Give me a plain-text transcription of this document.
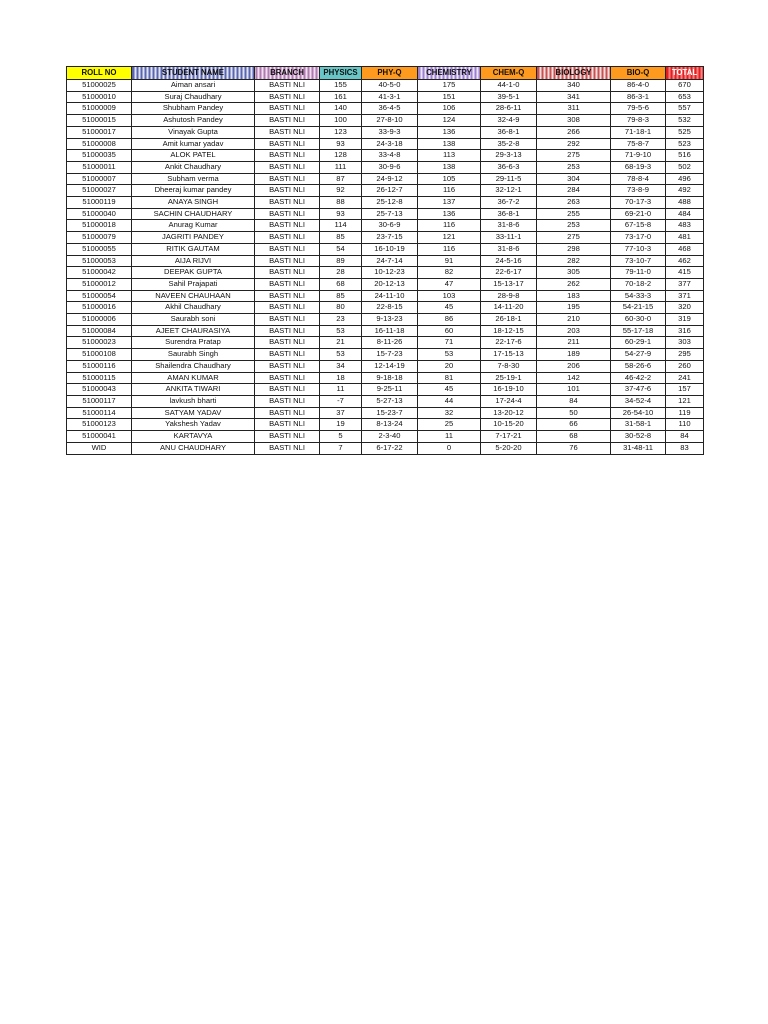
ROLL NO	STUDENT NAME	BRANCH	PHYSICS	PHY-Q	CHEMISTRY	CHEM-Q	BIOLOGY	BIO-Q	TOTAL
51000025	Aiman ansari	BASTI NLI	155	40-5-0	175	44-1-0	340	86-4-0	670
51000010	Suraj Chaudhary	BASTI NLI	161	41-3-1	151	39-5-1	341	86-3-1	653
51000009	Shubham Pandey	BASTI NLI	140	36-4-5	106	28-6-11	311	79-5-6	557
51000015	Ashutosh Pandey	BASTI NLI	100	27-8-10	124	32-4-9	308	79-8-3	532
51000017	Vinayak Gupta	BASTI NLI	123	33-9-3	136	36-8-1	266	71-18-1	525
51000008	Amit kumar yadav	BASTI NLI	93	24-3-18	138	35-2-8	292	75-8-7	523
51000035	ALOK PATEL	BASTI NLI	128	33-4-8	113	29-3-13	275	71-9-10	516
51000011	Ankit Chaudhary	BASTI NLI	111	30-9-6	138	36-6-3	253	68-19-3	502
51000007	Subham verma	BASTI NLI	87	24-9-12	105	29-11-5	304	78-8-4	496
51000027	Dheeraj kumar pandey	BASTI NLI	92	26-12-7	116	32-12-1	284	73-8-9	492
51000119	ANAYA SINGH	BASTI NLI	88	25-12-8	137	36-7-2	263	70-17-3	488
51000040	SACHIN CHAUDHARY	BASTI NLI	93	25-7-13	136	36-8-1	255	69-21-0	484
51000018	Anurag Kumar	BASTI NLI	114	30-6-9	116	31-8-6	253	67-15-8	483
51000079	JAGRITI PANDEY	BASTI NLI	85	23-7-15	121	33-11-1	275	73-17-0	481
51000055	RITIK GAUTAM	BASTI NLI	54	16-10-19	116	31-8-6	298	77-10-3	468
51000053	AIJA RIJVI	BASTI NLI	89	24-7-14	91	24-5-16	282	73-10-7	462
51000042	DEEPAK GUPTA	BASTI NLI	28	10-12-23	82	22-6-17	305	79-11-0	415
51000012	Sahil Prajapati	BASTI NLI	68	20-12-13	47	15-13-17	262	70-18-2	377
51000054	NAVEEN CHAUHAAN	BASTI NLI	85	24-11-10	103	28-9-8	183	54-33-3	371
51000016	Akhil Chaudhary	BASTI NLI	80	22-8-15	45	14-11-20	195	54-21-15	320
51000006	Saurabh soni	BASTI NLI	23	9-13-23	86	26-18-1	210	60-30-0	319
51000084	AJEET CHAURASIYA	BASTI NLI	53	16-11-18	60	18-12-15	203	55-17-18	316
51000023	Surendra Pratap	BASTI NLI	21	8-11-26	71	22-17-6	211	60-29-1	303
51000108	Saurabh Singh	BASTI NLI	53	15-7-23	53	17-15-13	189	54-27-9	295
51000116	Shailendra Chaudhary	BASTI NLI	34	12-14-19	20	7-8-30	206	58-26-6	260
51000115	AMAN KUMAR	BASTI NLI	18	9-18-18	81	25-19-1	142	46-42-2	241
51000043	ANKITA TIWARI	BASTI NLI	11	9-25-11	45	16-19-10	101	37-47-6	157
51000117	lavkush bharti	BASTI NLI	-7	5-27-13	44	17-24-4	84	34-52-4	121
51000114	SATYAM YADAV	BASTI NLI	37	15-23-7	32	13-20-12	50	26-54-10	119
51000123	Yakshesh Yadav	BASTI NLI	19	8-13-24	25	10-15-20	66	31-58-1	110
51000041	KARTAVYA	BASTI NLI	5	2-3-40	11	7-17-21	68	30-52-8	84
WID	ANU CHAUDHARY	BASTI NLI	7	6-17-22	0	5-20-20	76	31-48-11	83
